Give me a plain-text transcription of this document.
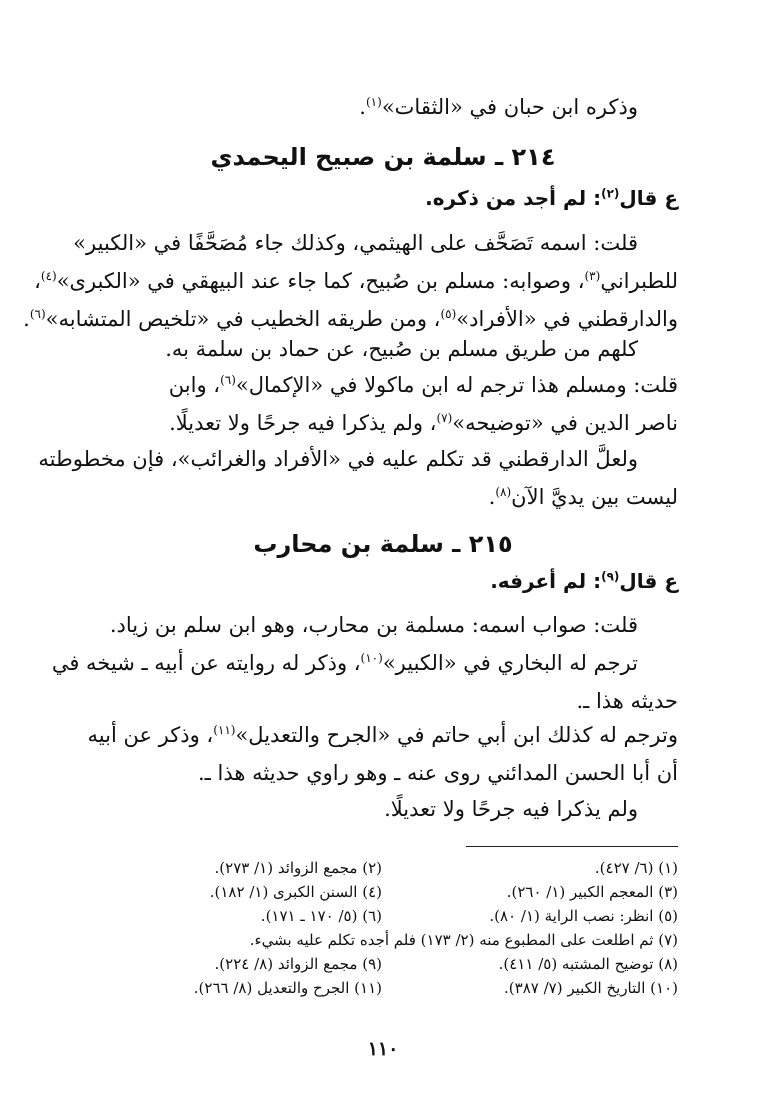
وذكره ابن حبان في «الثقات»$^{(١)}$.
٢١٤ ـ سلمة بن صبيح اليحمدي
ع قال$^{(٢)}$: لم أجد من ذكره.
قلت: اسمه تَصَحَّف على الهيثمي، وكذلك جاء مُصَحَّفًا في «الكبير»
للطبراني$^{(٣)}$، وصوابه: مسلم بن صُبيح، كما جاء عند البيهقي في «الكبرى»$^{(٤)}$،
والدارقطني في «الأفراد»$^{(٥)}$، ومن طريقه الخطيب في «تلخيص المتشابه»$^{(٦)}$.
كلهم من طريق مسلم بن صُبيح، عن حماد بن سلمة به.
قلت: ومسلم هذا ترجم له ابن ماكولا في «الإكمال»$^{(٦)}$، وابن
ناصر الدين في «توضيحه»$^{(٧)}$، ولم يذكرا فيه جرحًا ولا تعديلًا.
ولعلَّ الدارقطني قد تكلم عليه في «الأفراد والغرائب»، فإن مخطوطته
ليست بين يديَّ الآن$^{(٨)}$.
٢١٥ ـ سلمة بن محارب
ع قال$^{(٩)}$: لم أعرفه.
قلت: صواب اسمه: مسلمة بن محارب، وهو ابن سلم بن زياد.
ترجم له البخاري في «الكبير»$^{(١٠)}$، وذكر له روايته عن أبيه ـ شيخه في
حديثه هذا ـ.
وترجم له كذلك ابن أبي حاتم في «الجرح والتعديل»$^{(١١)}$، وذكر عن أبيه
أن أبا الحسن المدائني روى عنه ـ وهو راوي حديثه هذا ـ.
ولم يذكرا فيه جرحًا ولا تعديلًا.
(١) (٦/ ٤٢٧).
(٢) مجمع الزوائد (١/ ٢٧٣).
(٣) المعجم الكبير (١/ ٢٦٠).
(٤) السنن الكبرى (١/ ١٨٢).
(٥) انظر: نصب الراية (١/ ٨٠).
(٦) (٥/ ١٧٠ ـ ١٧١).
(٧) ثم اطلعت على المطبوع منه (٢/ ١٧٣) فلم أجده تكلم عليه بشيء.
(٨) توضيح المشتبه (٥/ ٤١١).
(٩) مجمع الزوائد (٨/ ٢٢٤).
(١٠) التاريخ الكبير (٧/ ٣٨٧).
(١١) الجرح والتعديل (٨/ ٢٦٦).
١١٠
